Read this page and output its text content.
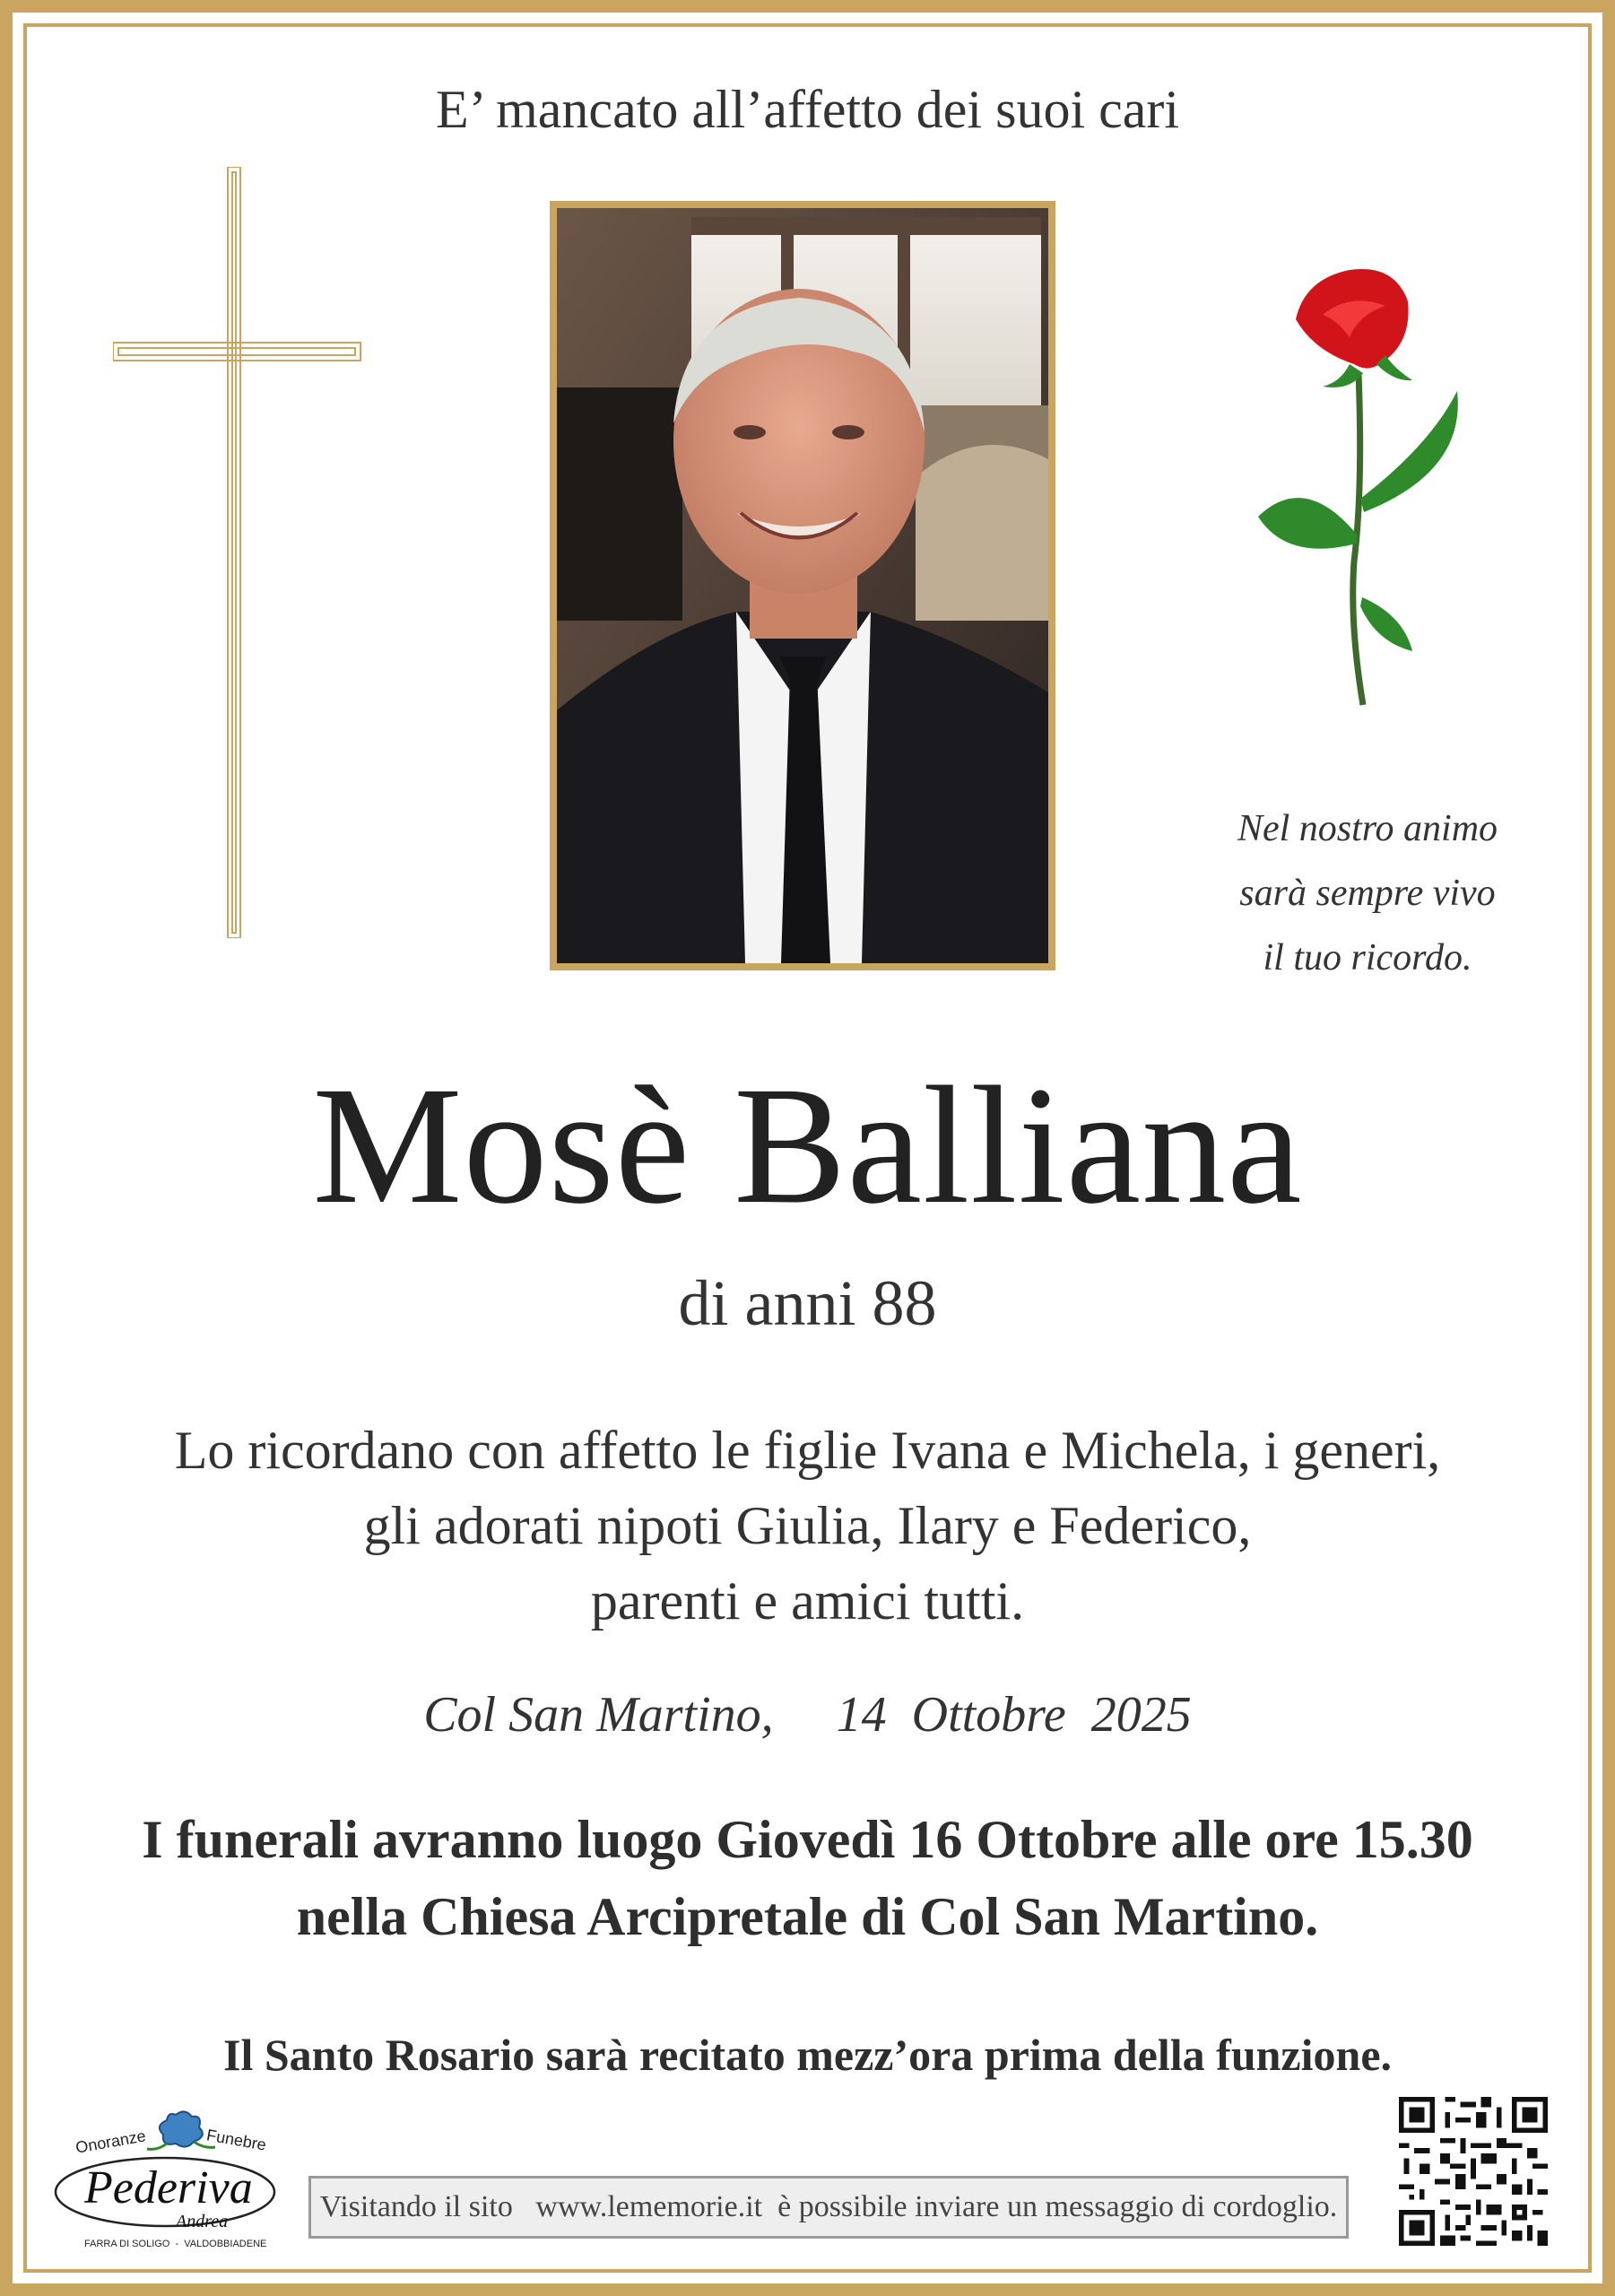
E’ mancato all’affetto dei suoi cari
Nel nostro animo
sarà sempre vivo
il tuo ricordo.
Mosè Balliana
di anni 88
Lo ricordano con affetto le figlie Ivana e Michela, i generi,
gli adorati nipoti Giulia, Ilary e Federico,
parenti e amici tutti.
Col San Martino, 14  Ottobre  2025
I funerali avranno luogo Giovedì 16 Ottobre alle ore 15.30
nella Chiesa Arcipretale di Col San Martino.
Il Santo Rosario sarà recitato mezz’ora prima della funzione.
Onoranze	Funebre
Pederiva
Andrea
FARRA DI SOLIGO  -  VALDOBBIADENE
Visitando il sito
www.lememorie.it
è possibile inviare un messaggio di cordoglio.
